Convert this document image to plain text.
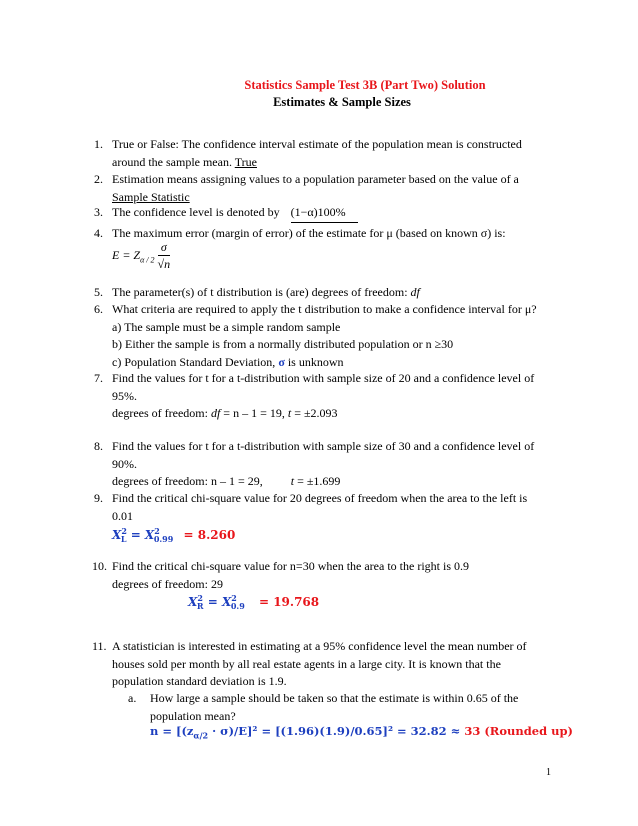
Statistics Sample Test 3B (Part Two) Solution
Estimates & Sample Sizes
1. True or False: The confidence interval estimate of the population mean is constructed
around the sample mean. True
2. Estimation means assigning values to a population parameter based on the value of a
Sample Statistic
3. The confidence level is denoted by (1−α)100%
4. The maximum error (margin of error) of the estimate for μ (based on known σ) is:
$E = Z_{\alpha / 2} \frac{\sigma}{√n}$
5. The parameter(s) of t distribution is (are) degrees of freedom: df
6. What criteria are required to apply the t distribution to make a confidence interval for μ?
a) The sample must be a simple random sample
b) Either the sample is from a normally distributed population or n ≥30
c) Population Standard Deviation, σ is unknown
7. Find the values for t for a t-distribution with sample size of 20 and a confidence level of
95%.
degrees of freedom: df = n – 1 = 19, t = ±2.093
8. Find the values for t for a t-distribution with sample size of 30 and a confidence level of
90%.
degrees of freedom: n – 1 = 29, t = ±1.699
9. Find the critical chi-square value for 20 degrees of freedom when the area to the left is
0.01
$X^2_L = X^2_{0.99} = 8.260$
10. Find the critical chi-square value for n=30 when the area to the right is 0.9
degrees of freedom: 29
$X^2_R = X^2_{0.9} = 19.768$
11. A statistician is interested in estimating at a 95% confidence level the mean number of
houses sold per month by all real estate agents in a large city. It is known that the
population standard deviation is 1.9.
a. How large a sample should be taken so that the estimate is within 0.65 of the
population mean?
$n = [(z_{\alpha/2} \cdot \sigma)/E]^2 = [(1.96)(1.9)/0.65]^2 = 32.82 \approx 33$ (Rounded up)
1
